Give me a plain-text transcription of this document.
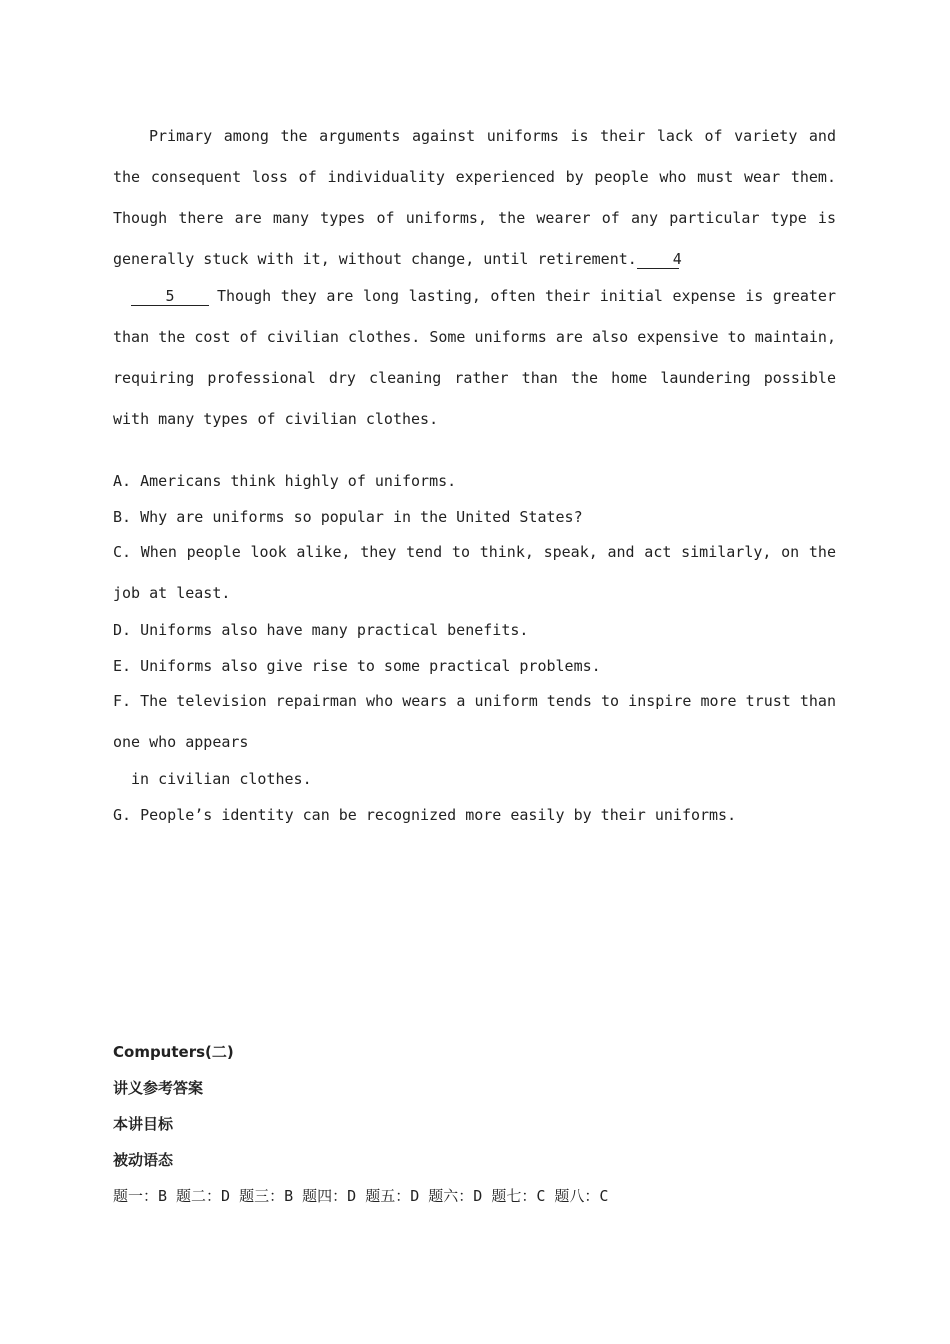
Primary among the arguments against uniforms is their lack of variety and the consequent loss of individuality experienced by people who must wear them. Though there are many types of uniforms, the wearer of any particular type is generally stuck with it, without change, until retirement. 4

5	Though they are long lasting, often their initial expense is greater than the cost of civilian clothes. Some uniforms are also expensive to maintain, requiring professional dry cleaning rather than the home laundering possible with many types of civilian clothes.

A. Americans think highly of uniforms.

B. Why are uniforms so popular in the United States?

C. When people look alike, they tend to think, speak, and act similarly, on the job at least.

D. Uniforms also have many practical benefits.

E. Uniforms also give rise to some practical problems.

F. The television repairman who wears a uniform tends to inspire more trust than one who appears

in civilian clothes.

G. People’s identity can be recognized more easily by their uniforms.

Computers(二)

讲义参考答案

本讲目标

被动语态

题一：B 题二：D 题三：B 题四：D 题五：D 题六：D 题七：C 题八：C
